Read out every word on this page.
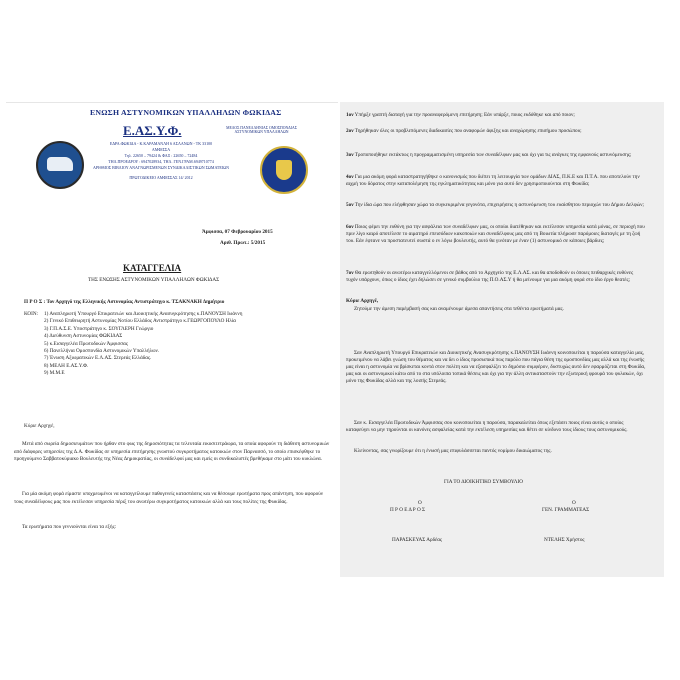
ΕΝΩΣΗ ΑΣΤΥΝΟΜΙΚΩΝ ΥΠΑΛΛΗΛΩΝ ΦΩΚΙΔΑΣ
Ε.ΑΣ.Υ.Φ.	ΜΕΛΟΣ ΠΑΝΕΛΛΗΝΙΑΣ ΟΜΟΣΠΟΝΔΙΑΣ ΑΣΤΥΝΟΜΙΚΩΝ ΥΠΑΛΛΗΛΩΝ
ΕΔΡΑ:ΦΩΚΙΔΑ - Κ.ΚΑΡΑΜΑΝΛΗ 6 ΑΣΛΑΝΩΝ - ΤΚ 33100
ΑΜΦΙΣΣΑ
Τηλ. 22650 – 79424 & ΦΑΞ : 22650 – 72484
ΤΗΛ.ΠΡΟΕΔΡΟΥ : 6947028934, ΤΗΛ. ΓΕΝ.ΓΡΑΜ.6949710774
ΑΡΙΘΜΟΣ ΒΙΒΛΙΟΥ ΑΝΑΓΝΩΡΙΣΜΕΝΩΝ ΣΥΝΔΙΚΑΛΙΣΤΙΚΩΝ ΣΩΜΑΤΕΙΩΝ
ΠΡΩΤΟΔΙΚΕΙΟ ΑΜΦΙΣΣΑΣ 14/ 2012
Άμφισσα, 07 Φεβρουαρίου 2015
Αριθ. Πρωτ.: 5/2015
ΚΑΤΑΓΓΕΛΙΑ
ΤΗΣ ΕΝΩΣΗΣ ΑΣΤΥΝΟΜΙΚΩΝ ΥΠΑΛΛΗΛΩΝ ΦΩΚΙΔΑΣ
Π Ρ Ο Σ : Τον Αρχηγό της Ελληνικής Αστυνομίας Αντιστράτηγο κ. ΤΣΑΚΝΑΚΗ Δημήτριο
ΚΟΙΝ: 1) Αναπληρωτή Υπουργό Επικρατειών και Διοικητικής Ανασυγκρότησης κ.ΠΑΝΟΥΣΗ Ιωάννη
2) Γενικό Επιθεωρητή Αστυνομίας Νοτίου Ελλάδος Αντιστράτηγο κ.ΓΕΩΡΓΟΠΟΥΛΟ Ηλία
3) Γ.Π.Α.Σ.Ε. Υποστράτηγο κ. ΣΟΥΓΛΕΡΗ Γεώργιο
4) Διεύθυνση Αστυνομίας ΦΩΚΙΔΑΣ
5) κ.Εισαγγελέα Πρωτοδικών Άμφισσας
6) Πανελλήνια Ομοσπονδία Αστυνομικών Υπαλλήλων.
7) Ένωση Αξιωματικών Ε.Λ.ΑΣ. Στερεάς Ελλάδας.
8) ΜΕΛΗ Ε.ΑΣ.Υ.Φ.
9) Μ.Μ.Ε
Κύριε Αρχηγέ,
Μετά από σωρεία δημοσιευμάτων που ήρθαν στο φως της δημοσιότητας τα τελευταία εικοσιτετράωρα, τα οποία αφορούν τη διάθεση αστυνομικών από διάφορες υπηρεσίες της Δ.Α. Φωκίδας σε υπηρεσία επιτήρησης γνωστού συγκροτήματος κατοικιών στον Παρνασσό, το οποίο επισκέφθηκε το προηγούμενο Σαββατοκύριακο Βουλευτής της Νέας Δημοκρατίας, οι συνάδελφοί μας και εμείς οι συνδικαλιστές βρεθήκαμε στο μάτι του κυκλώνα.
Για μία ακόμη φορά είμαστε υποχρεωμένοι να καταγγείλουμε παθογενείς καταστάσεις και να θέσουμε ερωτήματα προς απάντηση, που αφορούν τους συναδέλφους μας που εκτέλεσαν υπηρεσία πέριξ του ανωτέρω συγκροτήματος κατοικιών αλλά και τους πολίτες της Φωκίδας.
Τα ερωτήματα που γεννιούνται είναι τα εξής:
1ον Υπήρξε γραπτή διαταγή για την προαναφερόμενη επιτήρηση; Εάν υπάρξε, ποιος εκδόθηκε και από ποιον;
2ον Τηρήθηκαν όλες οι προβλεπόμενες διαδικασίες που αναφορών άφιξης και αναχώρησης επισήμου προσώπου;
3ον Τροποποιήθηκε εκτάκτως η προγραμματισμένη υπηρεσία των συναδέλφων μας και όχι για τις ανάγκες της εμφανούς αστυνόμευσης;
4ον Για μια ακόμη φορά καταστρατηγήθηκε ο κανονισμός που διέπει τη λειτουργία των ομάδων ΔΙΑΣ, Π.Κ.Ε και Π.Τ.Α. που αποτελούν την αιχμή του δόρατος στην καταπολέμηση της εγκληματικότητας και μόνο για αυτό δεν χρησιμοποιούνται στη Φωκίδα;
5ον Την ίδια ώρα που ελήφθησαν χώρα τα συγκεκριμένα γεγονότα, επιχειρήσεις η αστυνόμευση του ευαίσθητου περιοχών του Δήμου Δελφών;
6ον Ποιος φέρει την ευθύνη για την ασφάλεια των συναδέλφων μας, οι οποίοι διατέθηκαν και εκτέλεσαν υπηρεσία κατά μόνας, σε περιοχή που πριν λίγο καιρό αποτέλεσε το αιματηρό επεισόδιων κακοποιών και συναδέλφους μας από τη Βοιωτία πλήρωσε παρόμοιες διαταγές με τη ζωή του. Εάν έφτανε να προστατευτεί σωστά ο εν λόγω βουλευτής, αυτό θα γινόταν με έναν (1) αστυνομικό σε κάποιες βάρδιες;
7ον Θα ερωτηθούν οι ανωτέρω καταγγελλόμενοι σε βάθος από το Αρχηγείο της Ε.Λ.ΑΣ. και θα αποδοθούν οι όποιες πειθαρχικές ευθύνες τυχόν υπάρχουν, όπως ο ίδιος έχει δηλώσει σε γενικό συμβούλιο της Π.Ο.ΑΣ.Υ ή θα μείνουμε για μια ακόμη φορά στο ίδιο έργο θεατές;
Κύριε Αρχηγέ,
Ζητούμε την άμεση παρέμβασή σας και αναμένουμε άμεσα απαντήσεις στα τεθέντα ερωτήματά μας.
Σαν Αναπληρωτή Υπουργό Επικρατειών και Διοικητικής Ανασυγκρότησης κ.ΠΑΝΟΥΣΗ Ιωάννη κοινοποιείται η παρούσα καταγγελία μας, προκειμένου να λάβει γνώση του θέματος και να δει ο ίδιος προσωπικά πως παρόλο που πάγια θέση της ομοσπονδίας μας αλλά και της ένωσής μας είναι η αστυνομία να βρίσκεται κοντά στον πολίτη και να εξασφαλίζει το δημόσιο συμφέρον, δυστυχώς αυτό δεν εφαρμόζεται στη Φωκίδα, μας και οι αστυνομικοί κάτω από το στα υπόλοιπα τοπικά θέσεις και όχι για την άλλη αντικαταστούν την εξωτερική φρουρά του φυλακών, όχι μόνο της Φωκίδας αλλά και της λοιπής Στερεάς.
Σαν κ. Εισαγγελέα Πρωτοδικών Άμφισσας σου κοινοποιείται η παρούσα, παρακαλείται όπως εξετάσει ποιος είναι αυτός ο οποίος καταφεύγει να μην τηρούνται οι κανόνες ασφαλείας κατά την εκτέλεση υπηρεσίας και θέτει σε κίνδυνο τους ίδιους τους αστυνομικούς.
Κλείνοντας, σας γνωρίζουμε ότι η ένωσή μας επιφυλάσσεται παντός νομίμου δικαιώματος της.
ΓΙΑ ΤΟ ΔΙΟΙΚΗΤΙΚΟ ΣΥΜΒΟΥΛΙΟ
Ο
Π Ρ Ο Ε Δ Ρ Ο Σ
ΠΑΡΑΣΚΕΥΑΣ Αρδέας
Ο
ΓΕΝ. ΓΡΑΜΜΑΤΕΑΣ
ΝΤΕΛΗΣ Χρήστος
